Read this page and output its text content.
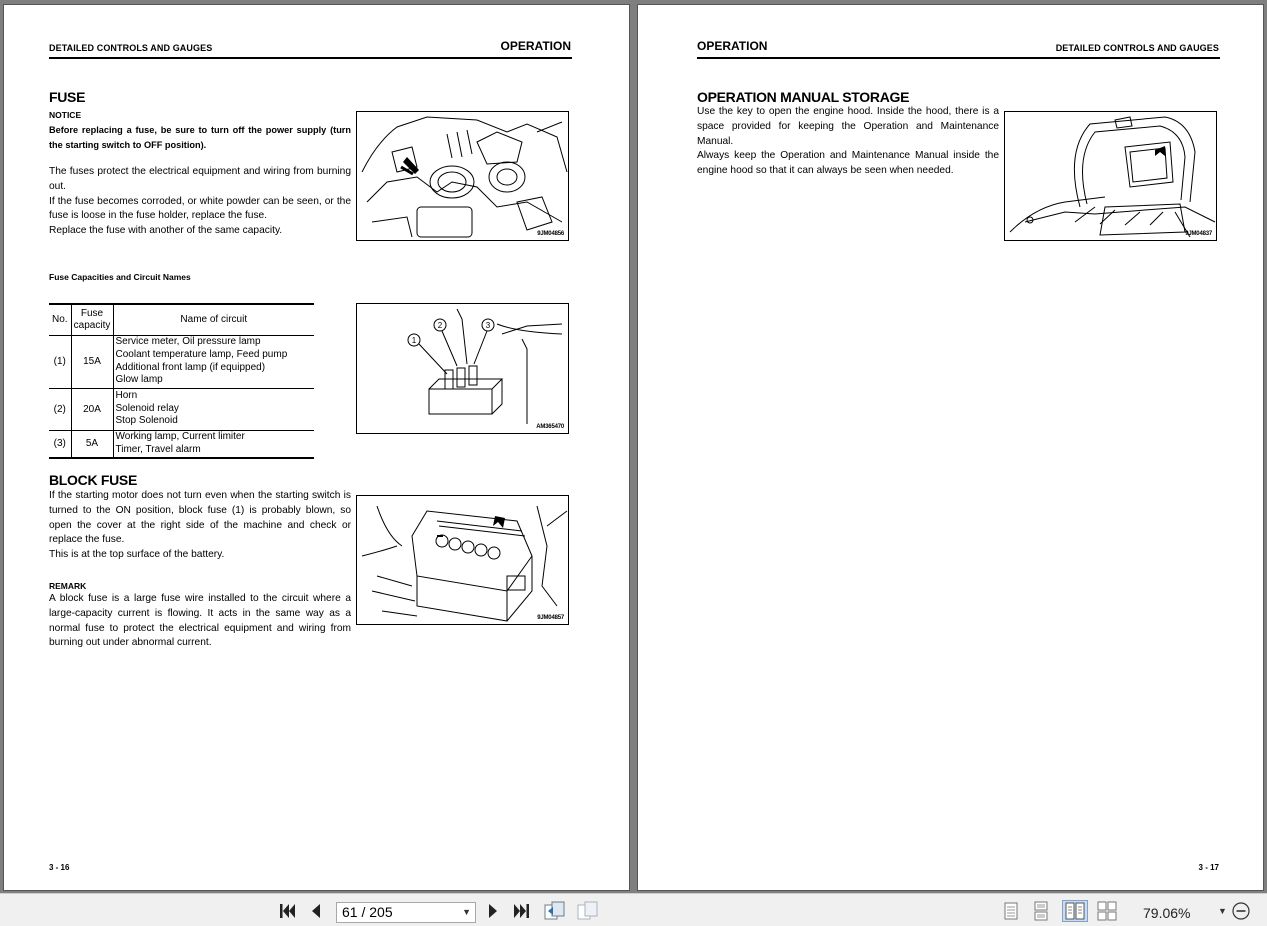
DETAILED CONTROLS AND GAUGES	OPERATION
FUSE
NOTICE
Before replacing a fuse, be sure to turn off the power supply (turn the starting switch to OFF position).

The fuses protect the electrical equipment and wiring from burning out.

If the fuse becomes corroded, or white powder can be seen, or the fuse is loose in the fuse holder, replace the fuse.

Replace the fuse with another of the same capacity.	9JM04856
Fuse Capacities and Circuit Names
No.	Fuse capacity	Name of circuit
(1)	15A	Service meter, Oil pressure lamp
Coolant temperature lamp, Feed pump
Additional front lamp (if equipped)
Glow lamp

(2)	20A	Horn
Solenoid relay
Stop Solenoid

(3)	5A	Working lamp, Current limiter
Timer, Travel alarm
1
2	3
AM365470
BLOCK FUSE

If the starting motor does not turn even when the starting switch is turned to the ON position, block fuse (1) is probably blown, so open the cover at the right side of the machine and check or replace the fuse.

This is at the top surface of the battery.

REMARK
A block fuse is a large fuse wire installed to the circuit where a large-capacity current is flowing. It acts in the same way as a normal fuse to protect the electrical equipment and wiring from burning out under abnormal current.
9JM04857
3 - 16
OPERATION	DETAILED CONTROLS AND GAUGES
OPERATION MANUAL STORAGE

Use the key to open the engine hood. Inside the hood, there is a space provided for keeping the Operation and Maintenance Manual.

Always keep the Operation and Maintenance Manual inside the engine hood so that it can always be seen when needed.

9JM04837
3 - 17
61 / 205	▼	79.06%	▼
